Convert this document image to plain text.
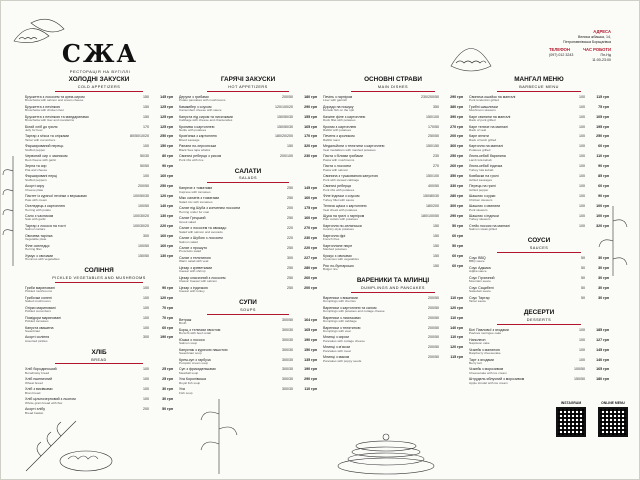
СЖА
РЕСТОРАЦІЯ НА ВУГІЛЛІ
АДРЕСА
Велика жбашка, 14,
Петропавлівська Борщагівка
ТЕЛЕФОН	ЧАС РОБОТИ
(097) 012 3243	Пн-Нд
11:00-23:00
ХОЛОДНІ ЗАКУСКИ
COLD APPETIZERS
Брускетта з лососем та крем-сиром
Bruschetta with salmon and cream cheese
150	145 грн
Брускетта з печінкою
Bruschetta with chicken liver
150	125 грн
Брускетта з печінкою та мандаринами
Bruschetta with liver and mandarins
150	125 грн
Білий хліб до гриля
Jelly for beer
170	125 грн
Тартар з м'яса та огірками
Tartar with cucumbers
80/50/10/20	250 грн
Фарширований перець
Stuffed pepper
100	150 грн
Червоний сир з часником
Red cheese with garlic
50/30	80 грн
Зерна та сир
Pita and cheese
50/50	90 грн
Фаршировані перці
Stuffed peppers
100	160 грн
Асорті сиру
Cheese plate
200/50	250 грн
Пастет із курячої печінки з вершками
Pate with cream
100/50/30	120 грн
Оселедець з картоплею
Herring with potato
100/50	140 грн
Сало з часником
Salo with garlic
100/30/20	130 грн
Тартар з лосося на тості
Salmon tartare
100/30/20	220 грн
Овочева тарілка
Vegetable plate
300	160 грн
Філе оселедця
Herring fillet
100/50	160 грн
Хумус з овочами
Hummus with vegetables
150/50	130 грн
СОЛІННЯ
PICKLED VEGETABLES AND MUSHROOMS
Гриби мариновані
Pickled mushrooms
100	90 грн
Грибочки солені
Salted mushrooms
100	120 грн
Огірки мариновані
Pickled cucumbers
100	70 грн
Помідори мариновані
Pickled tomatoes
100	70 грн
Капуста квашена
Sauerkraut
100	60 грн
Асорті соління
Assorted pickles
300	190 грн
ХЛІБ
BREAD
Хліб бородинський
Borodinsky bread
100	25 грн
Хліб пшеничний
Wheat bread
100	25 грн
Хліб з висівками
Bran bread
100	30 грн
Хліб цільнозерновий з льоном
Whole grain bread with flax
100	30 грн
Асорті хлібу
Bread basket
200	50 грн
ГАРЯЧІ ЗАКУСКИ
HOT APPETIZERS
Деруни з грибами
Potato pancakes with mushrooms
200/50	180 грн
Камамбер з соусом
Camembert cheese with sauce
120/100/20	290 грн
Капуста під сиром та лисичками
Cabbage with cheese and chanterelles
150/50/30	155 грн
Кропива з картоплею
Nettle with potatoes
150/50/30	165 грн
Кров'янка з картоплею
Blood sausage
180/20/200	170 грн
Рапани по-херсонськи
Black Sea rapa whelks
150	320 грн
Свинячі реберця з рисом
Pork ribs with rice
200/100	230 грн
САЛАТИ
SALADS
Капрезе з томатами
Caprese with tomatoes
250	145 грн
Мікс салатів з томатами
Salad mix with tomatoes
250	160 грн
Салат під Шуба з копченим лососем
Herring under fur coat
200	175 грн
Салат Грецький
Greek salad
250	160 грн
Салат з лососем та авокадо
Salad with salmon and avocado
220	270 грн
Салат з Шубою з лососем
Salmon salad
220	230 грн
Салат з прошуто
Prosciutto salad
250	220 грн
Салат з телятиною
Warm salad with veal
300	227 грн
Цезар з креветками
Caesar with shrimp
250	280 грн
Цезар класичний з лососем
Classic Caesar with salmon
250	260 грн
Цезар з індичкою
Caesar with turkey
250	200 грн
СУПИ
SOUPS
Ветраж
Broth
300/50	164 грн
Борщ з телячим хвостом
Borscht with beef oxtail
300/30	165 грн
Юшка з лосося
Salmon soup
300/30	190 грн
Капусняк з курячою пашотою
Sauerkraut soup
300/30	150 грн
Крем-суп з гарбуза
Pumpkin cream soup
300/30	135 грн
Суп з фрикадельками
Meatball soup
300/30	190 грн
Уха Королівська
Royal fish soup
300/30	290 грн
Уха
Fish soup
300/30	110 грн
ОСНОВНІ СТРАВИ
MAIN DISHES
Печінь з гарніром
Liver with garnish
230/200/50	290 грн
Дорадо на пошуку
Dorado fish on the spit
350	380 грн
Качине філе з картоплею
Duck fillet with potatoes
150/100	390 грн
Кролик з картоплею
Rabbit with potatoes
170/50	270 грн
Печеня з кроликом
Rabbit roast
250/50	200 грн
Медальйони з телятини з картоплею
Veal medallions with mashed potatoes
150/150	360 грн
Паста з білими грибами
Pasta with mushrooms
230	250 грн
Паста з лососем
Pasta with salmon
270	260 грн
Свинина з тушкованою капустою
Pork with stewed cabbage
150/100	350 грн
Свинячі реберця
Pork ribs with potatoes
400/50	330 грн
Філе індички з соусом
Turkey fillet with sauce
150/80/30	280 грн
Теляча щічка з картоплею
Veal cheek with potatoes
180/200	300 грн
Щука на грилі з гарніром
Pike cutlets with potatoes
180/100/50	290 грн
Картопля по-селянськи
Country-style potatoes
150	50 грн
Картопля фрі
French fries
150	60 грн
Картопляне пюре
Mashed potatoes
150	50 грн
Кускус з овочами
Couscous with vegetables
150	60 грн
Рис по-булгарськи
Bulgur rice
150	60 грн
ВАРЕНИКИ ТА МЛИНЦІ
DUMPLINGS AND PANCAKES
Вареники з вишнями
Dumplings with cherries
200/50	110 грн
Вареники з картоплею та салом
Dumplings with potatoes and cottage cheese
200/50	120 грн
Вареники з лисичками
Dumplings with cabbage
200/50	110 грн
Вареники з телятиною
Dumplings with veal
200/50	140 грн
Млинці з сиром
Pancakes with cottage cheese
200/50	110 грн
Млинці з м'ясом
Pancakes with meat
200/50	120 грн
Млинці з маком
Pancakes with poppy seeds
200/50	115 грн
МАНГАЛ МЕНЮ
BARBECUE MENU
Свиняча ошийок на мангалі
Pork tenderloin grilled
100	115 грн
Грибні шашлички
Mushroom skewers
100	75 грн
Каре свинини на мангалі
Rack of pork grilled
100	105 грн
Каре теляче на мангалі
Rack of veal
100	195 грн
Каре ягняти
Rack of lamb grilled
100	250 грн
Картопля на мангалі
Potatoes grilled
100	60 грн
Люля-кебаб баранина
Lamb lula kebab
100	110 грн
Люля-кебаб індичка
Turkey lula kebab
100	90 грн
Ковбаски на грилі
Grilled sausages
100	85 грн
Перець на грилі
Grilled pepper
100	60 грн
Шашлик з курки
Chicken skewers
100	90 грн
Шашлик з свинини
Pork skewers
100	100 грн
Шашлик з індички
Turkey skewers
100	100 грн
Стейк лосося на мангалі
Salmon steak grilled
100	320 грн
СОУСИ
SAUCES
Соус BBQ
BBQ sauce
50	30 грн
Соус Аджика
Adjika sauce
50	30 грн
Соус Гірчичний
Mountain sauce
50	30 грн
Соус Сацибелі
Satsebeli sauce
50	30 грн
Соус Тартар
Tartar sauce
50	30 грн
ДЕСЕРТИ
DESSERTS
Білі Павлової з ягодами
Pavlova meringue cake
100	185 грн
Наполеон
Napoleon cake
100	127 грн
Чізкейк з малиною
Raspberry cheesecake
100	145 грн
Тарт з ягодами
Berry tart
100	140 грн
Чізкейк з морозивом
Cheesecake with ice cream
100/50	165 грн
Штрудель яблучний з морозивом
Apple strudel with ice cream
150/50	180 грн
INSTAGRAM	ONLINE MENU
